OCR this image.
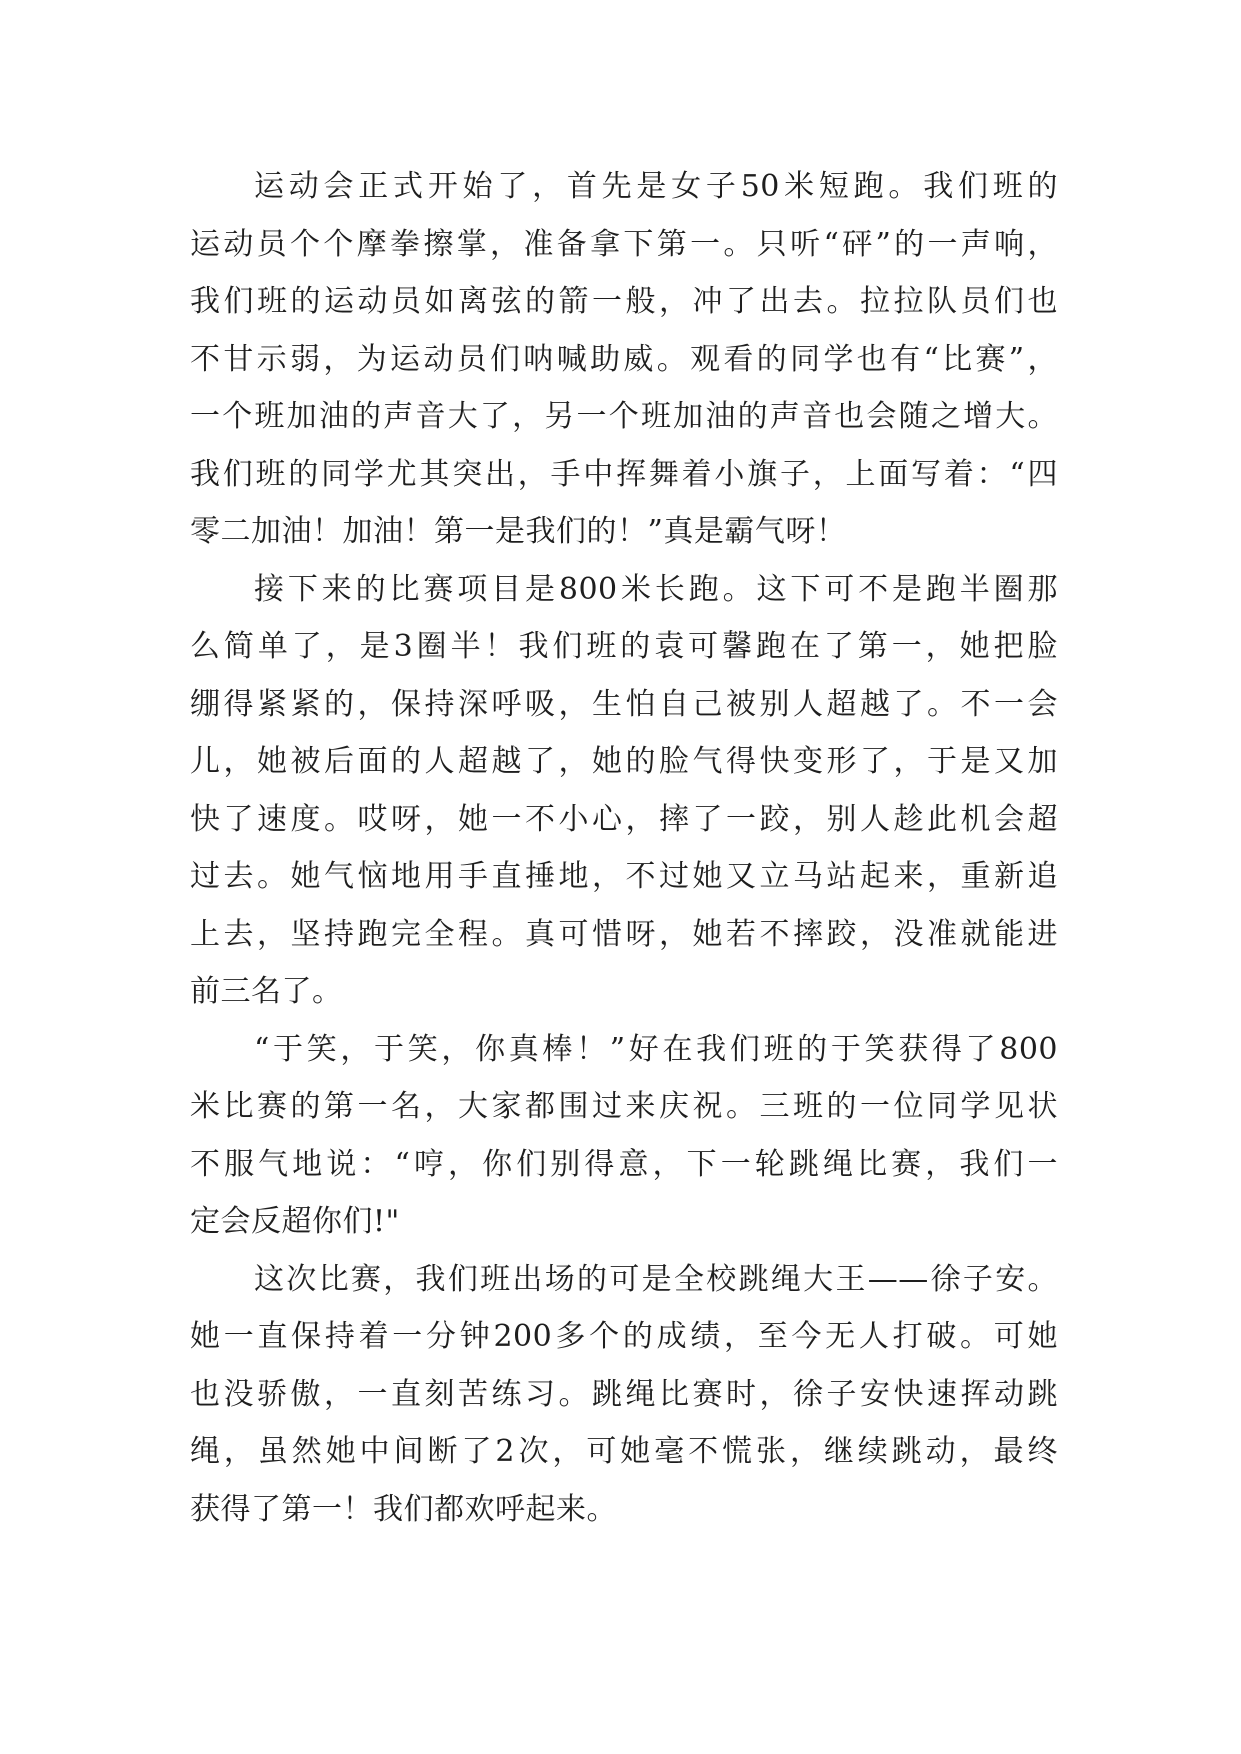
运动会正式开始了，首先是女子50米短跑。我们班的
运动员个个摩拳擦掌，准备拿下第一。只听“砰”的一声响，
我们班的运动员如离弦的箭一般，冲了出去。拉拉队员们也
不甘示弱，为运动员们呐喊助威。观看的同学也有“比赛”，
一个班加油的声音大了，另一个班加油的声音也会随之增大。
我们班的同学尤其突出，手中挥舞着小旗子，上面写着：“四
零二加油！加油！第一是我们的！”真是霸气呀！
接下来的比赛项目是800米长跑。这下可不是跑半圈那
么简单了，是3圈半！我们班的袁可馨跑在了第一，她把脸
绷得紧紧的，保持深呼吸，生怕自己被别人超越了。不一会
儿，她被后面的人超越了，她的脸气得快变形了，于是又加
快了速度。哎呀，她一不小心，摔了一跤，别人趁此机会超
过去。她气恼地用手直捶地，不过她又立马站起来，重新追
上去，坚持跑完全程。真可惜呀，她若不摔跤，没准就能进
前三名了。
“于笑，于笑，你真棒！”好在我们班的于笑获得了800
米比赛的第一名，大家都围过来庆祝。三班的一位同学见状
不服气地说：“哼，你们别得意，下一轮跳绳比赛，我们一
定会反超你们!"
这次比赛，我们班出场的可是全校跳绳大王——徐子安。
她一直保持着一分钟200多个的成绩，至今无人打破。可她
也没骄傲，一直刻苦练习。跳绳比赛时，徐子安快速挥动跳
绳，虽然她中间断了2次，可她毫不慌张，继续跳动，最终
获得了第一！我们都欢呼起来。
